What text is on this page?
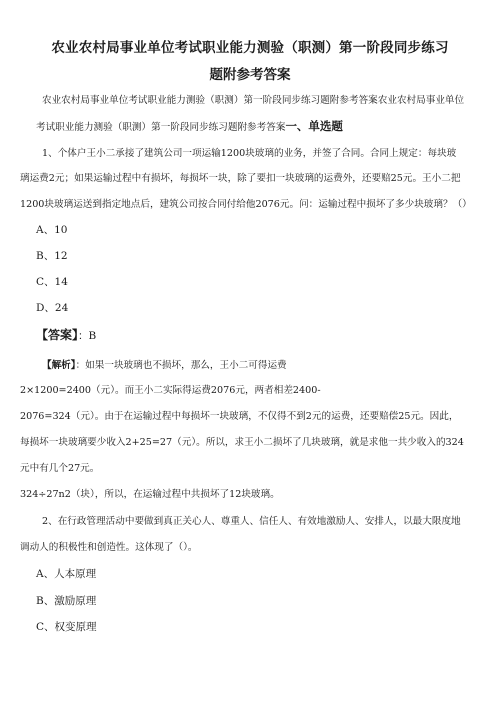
农业农村局事业单位考试职业能力测验（职测）第一阶段同步练习
题附参考答案
农业农村局事业单位考试职业能力测验（职测）第一阶段同步练习题附参考答案农业农村局事业单位
考试职业能力测验（职测）第一阶段同步练习题附参考答案一、单选题
1、个体户王小二承接了建筑公司一项运输1200块玻璃的业务，并签了合同。合同上规定：每块玻
璃运费2元；如果运输过程中有损坏，每损坏一块，除了要扣一块玻璃的运费外，还要赔25元。王小二把
1200块玻璃运送到指定地点后，建筑公司按合同付给他2076元。问：运输过程中损坏了多少块玻璃？（）
A、10
B、12
C、14
D、24
【答案】：B
【解析】：如果一块玻璃也不损坏，那么，王小二可得运费
2×1200=2400（元）。而王小二实际得运费2076元，两者相差2400-
2076=324（元）。由于在运输过程中每损坏一块玻璃，不仅得不到2元的运费，还要赔偿25元。因此，
每损坏一块玻璃要少收入2+25=27（元）。所以，求王小二损坏了几块玻璃，就是求他一共少收入的324
元中有几个27元。
324÷27n2（块），所以，在运输过程中共损坏了12块玻璃。
2、在行政管理活动中要做到真正关心人、尊重人、信任人、有效地激励人、安排人，以最大限度地
调动人的积极性和创造性。这体现了（）。
A、人本原理
B、激励原理
C、权变原理
